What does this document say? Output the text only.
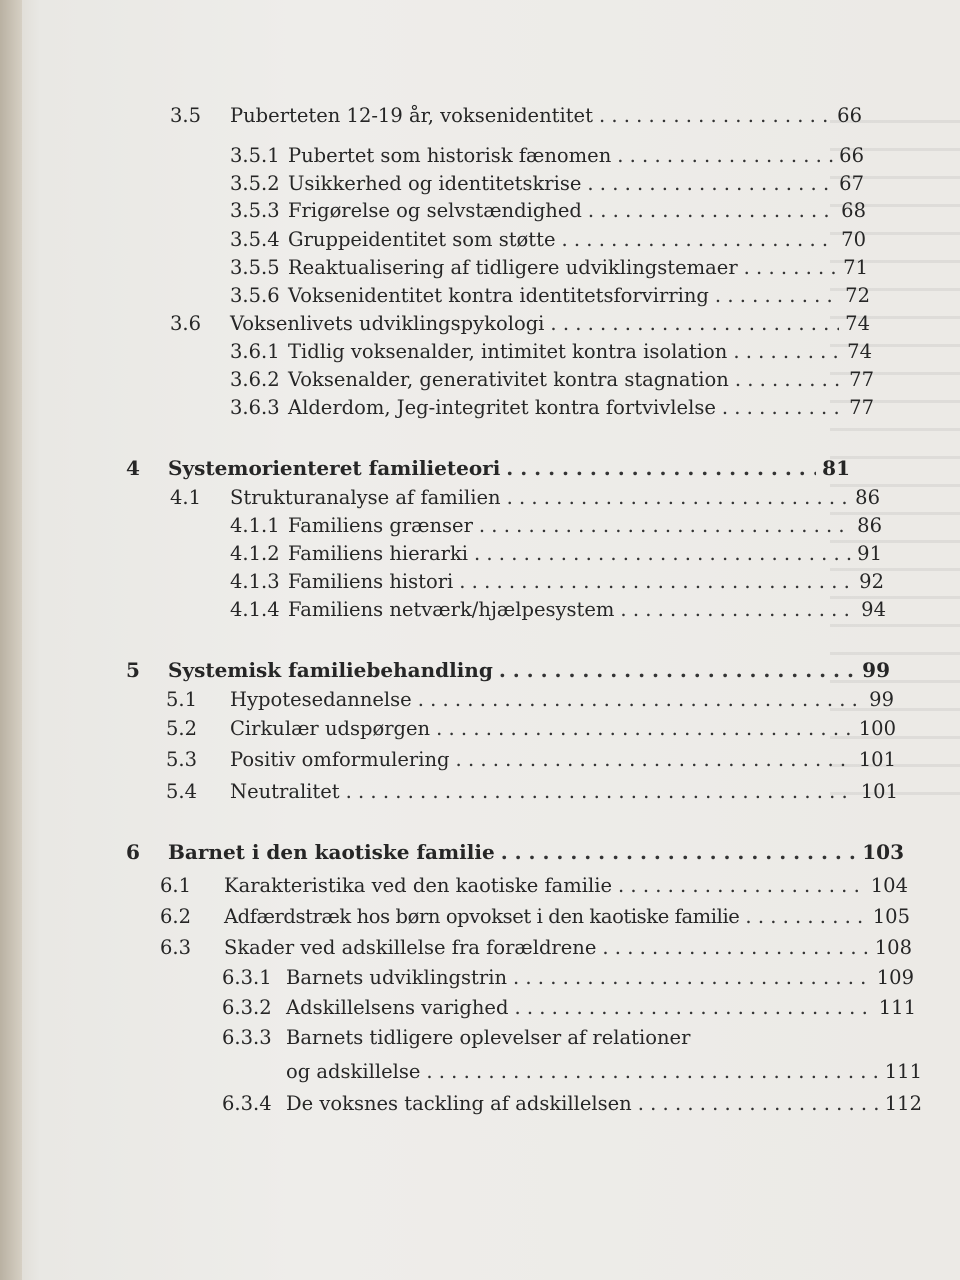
3.5	Puberteten 12-19 år, voksenidentitet . . .	66
3.5.1 Pubertet som historisk fænomen . . .	66
3.5.2 Usikkerhed og identitetskrise . . .	67
3.5.3 Frigørelse og selvstændighed . . .	68
3.5.4 Gruppeidentitet som støtte . . .	70
3.5.5 Reaktualisering af tidligere udviklingstemaer . . .	71
3.5.6 Voksenidentitet kontra identitetsforvirring . . .	72
3.6	Voksenlivets udviklingspykologi . . .	74
3.6.1 Tidlig voksenalder, intimitet kontra isolation . . .	74
3.6.2 Voksenalder, generativitet kontra stagnation . . .	77
3.6.3 Alderdom, Jeg-integritet kontra fortvivlelse . . .	77
4	Systemorienteret familieteori . . .	81
4.1	Strukturanalyse af familien . . .	86
4.1.1 Familiens grænser . . .	86
4.1.2 Familiens hierarki . . .	91
4.1.3 Familiens histori . . .	92
4.1.4 Familiens netværk/hjælpesystem . . .	94
5	Systemisk familiebehandling . . .	99
5.1	Hypotesedannelse . . .	99
5.2	Cirkulær udspørgen . . .	100
5.3	Positiv omformulering . . .	101
5.4	Neutralitet . . .	101
6	Barnet i den kaotiske familie . . .	103
6.1	Karakteristika ved den kaotiske familie . . .	104
6.2	Adfærdstræk hos børn opvokset i den kaotiske familie . . .	105
6.3	Skader ved adskillelse fra forældrene . . .	108
6.3.1 Barnets udviklingstrin . . .	109
6.3.2 Adskillelsens varighed . . .	111
6.3.3 Barnets tidligere oplevelser af relationer
og adskillelse . . .	111
6.3.4 De voksnes tackling af adskillelsen . . .	112
